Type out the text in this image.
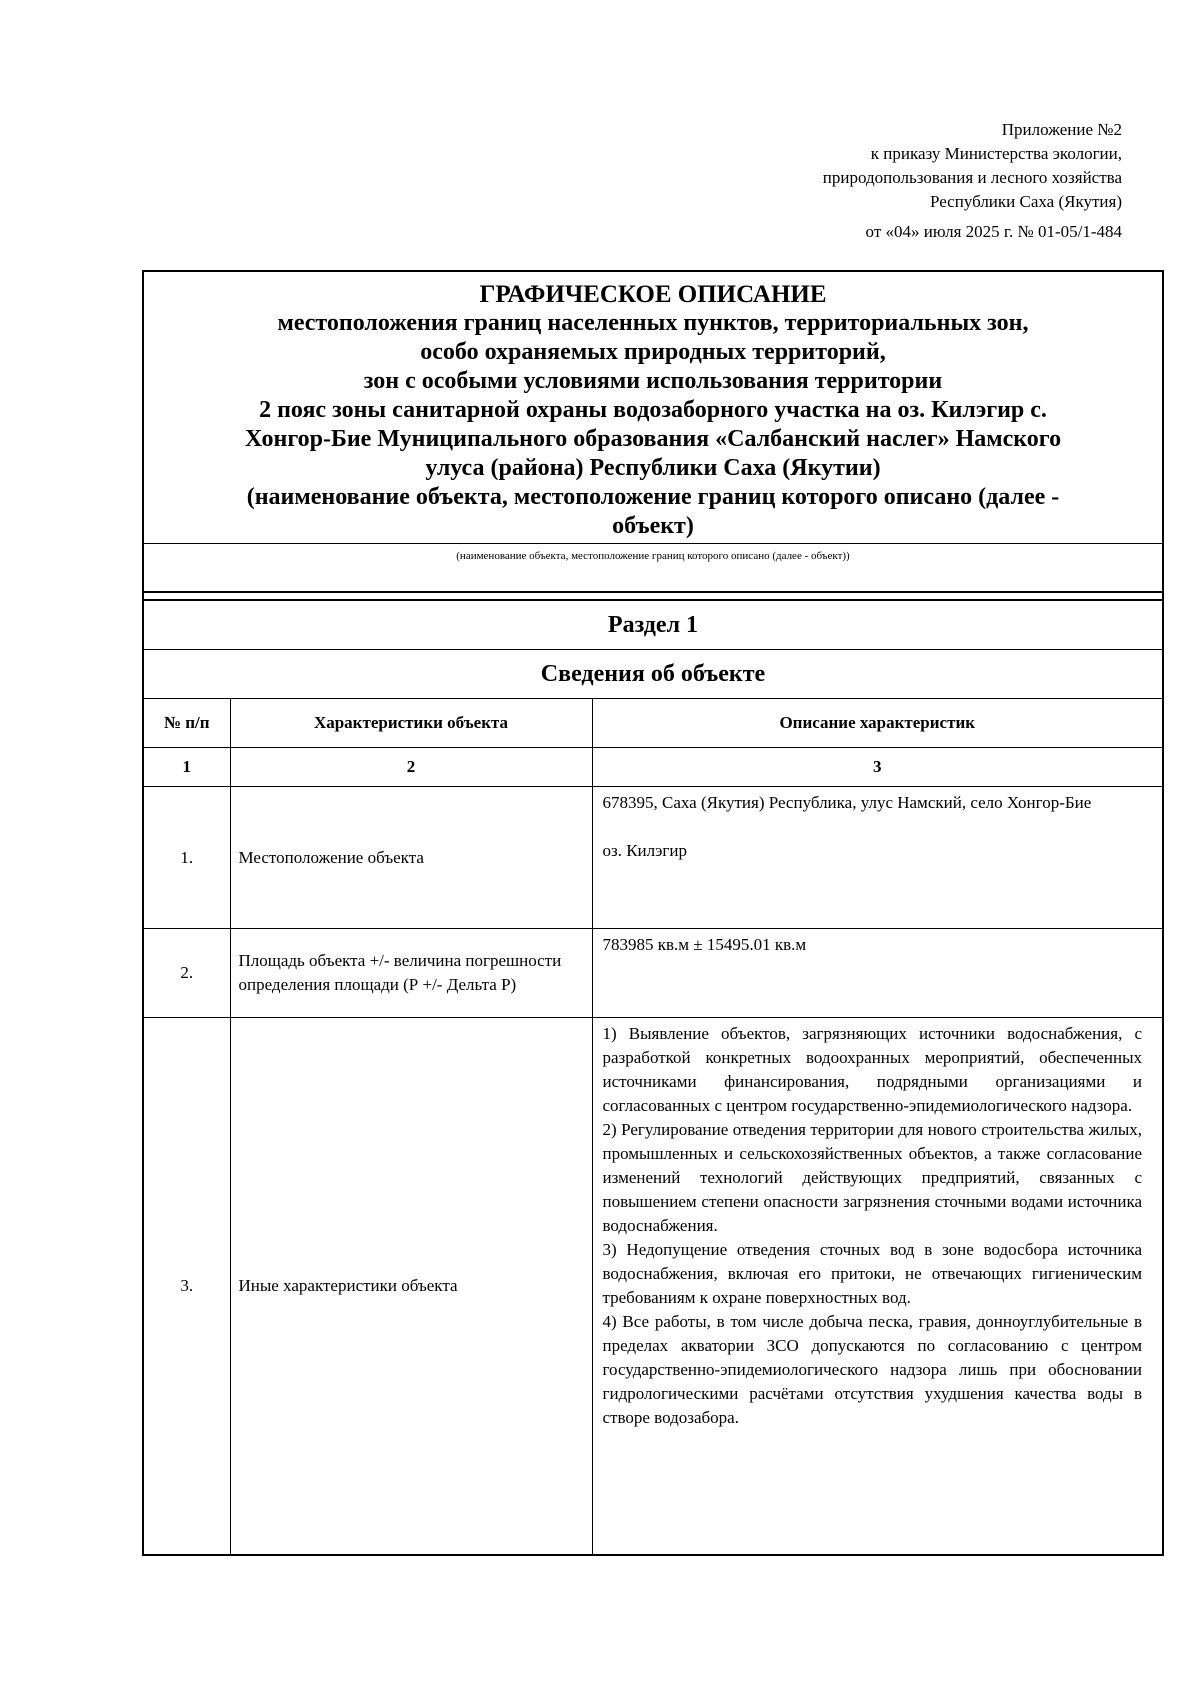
Приложение №2
к приказу Министерства экологии,
природопользования и лесного хозяйства
Республики Саха (Якутия)
от «04» июля 2025 г. № 01-05/1-484
ГРАФИЧЕСКОЕ ОПИСАНИЕ
местоположения границ населенных пунктов, территориальных зон,
особо охраняемых природных территорий,
зон с особыми условиями использования территории
2 пояс зоны санитарной охраны водозаборного участка на оз. Килэгир с.
Хонгор-Бие Муниципального образования «Салбанский наслег» Намского
улуса (района) Республики Саха (Якутии)
(наименование объекта, местоположение границ которого описано (далее -
объект)
(наименование объекта, местоположение границ которого описано (далее - объект))
Раздел 1
Сведения об объекте
№ п/п	Характеристики объекта	Описание характеристик
1	2	3
1.	Местоположение объекта	678395, Саха (Якутия) Республика, улус Намский, село Хонгор-Бие
оз. Килэгир

2.	Площадь объекта +/- величина погрешности определения площади (Р +/- Дельта Р)	783985 кв.м ± 15495.01 кв.м
3.	Иные характеристики объекта	1) Выявление объектов, загрязняющих источники водоснабжения, с разработкой конкретных водоохранных мероприятий, обеспеченных источниками финансирования, подрядными организациями и согласованных с центром государственно-эпидемиологического надзора.
2) Регулирование отведения территории для нового строительства жилых, промышленных и сельскохозяйственных объектов, а также согласование изменений технологий действующих предприятий, связанных с повышением степени опасности загрязнения сточными водами источника водоснабжения.
3) Недопущение отведения сточных вод в зоне водосбора источника водоснабжения, включая его притоки, не отвечающих гигиеническим требованиям к охране поверхностных вод.
4) Все работы, в том числе добыча песка, гравия, донноуглубительные в пределах акватории ЗСО допускаются по согласованию с центром государственно-эпидемиологического надзора лишь при обосновании гидрологическими расчётами отсутствия ухудшения качества воды в створе водозабора.
